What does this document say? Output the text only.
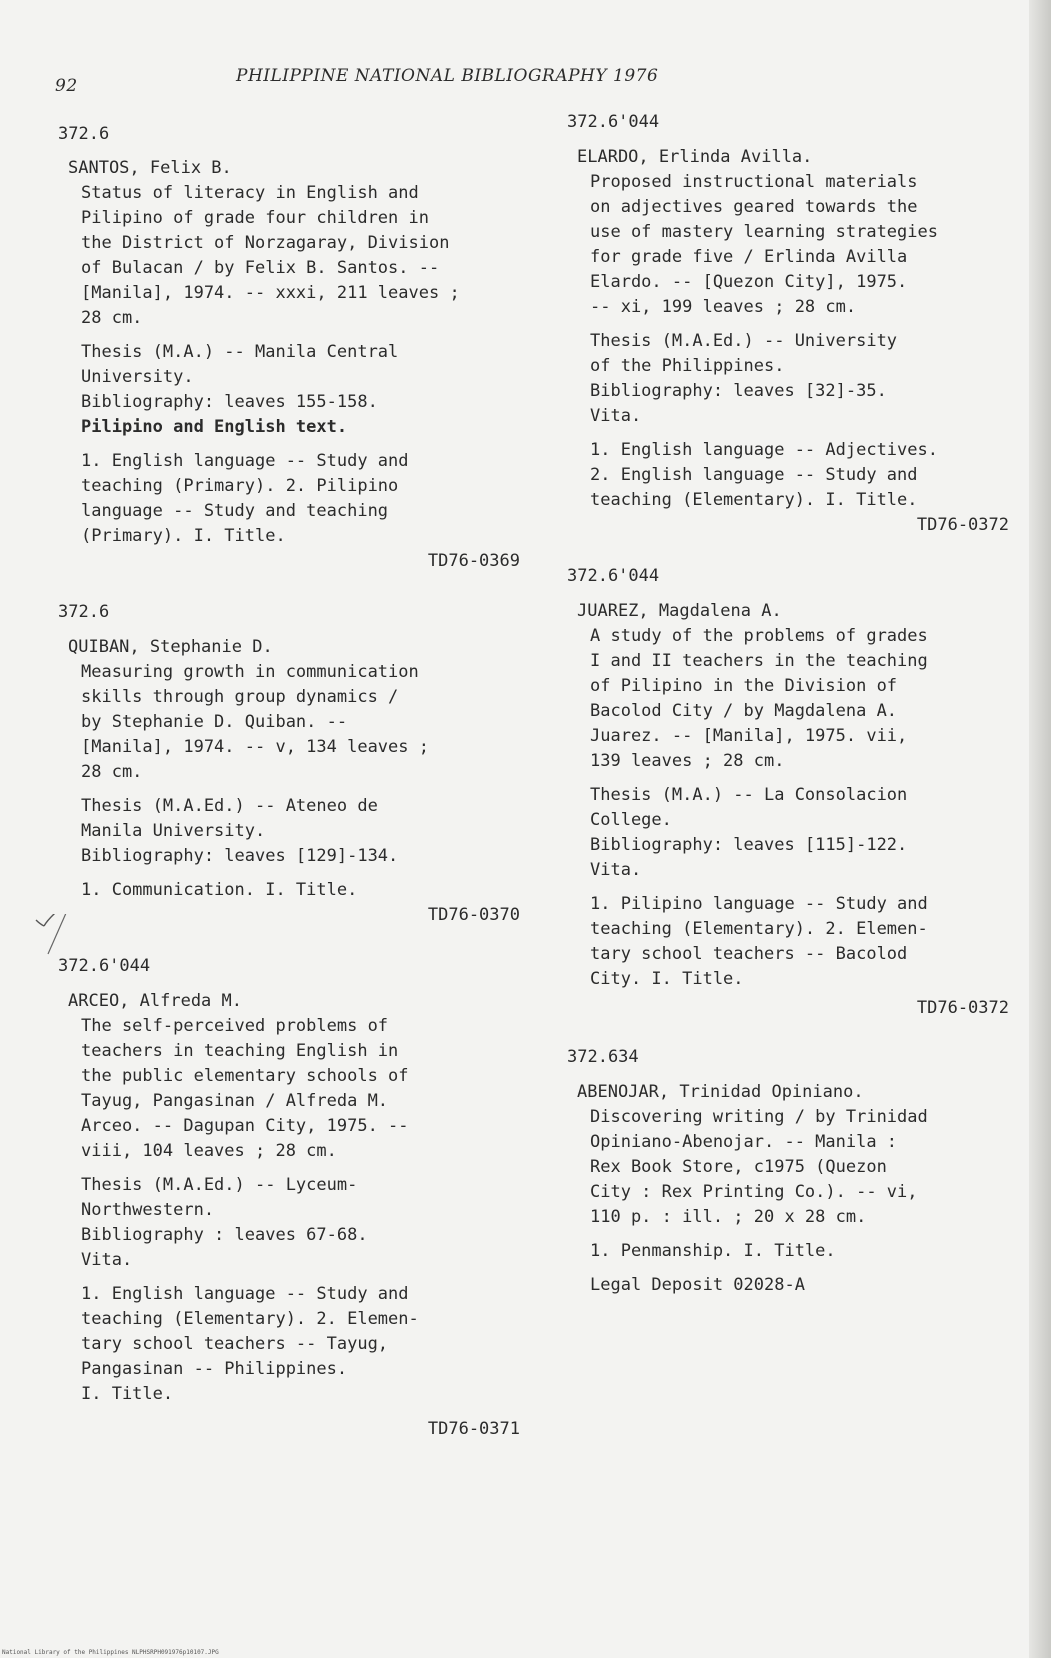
92	PHILIPPINE NATIONAL BIBLIOGRAPHY 1976
372.6
SANTOS, Felix B.
Status of literacy in English and
Pilipino of grade four children in
the District of Norzagaray, Division
of Bulacan / by Felix B. Santos. --
[Manila], 1974. -- xxxi, 211 leaves ;
28 cm.
Thesis (M.A.) -- Manila Central
University.
Bibliography: leaves 155-158.
Pilipino and English text.
1. English language -- Study and
teaching (Primary). 2. Pilipino
language -- Study and teaching
(Primary). I. Title.
TD76-0369
372.6
QUIBAN, Stephanie D.
Measuring growth in communication
skills through group dynamics /
by Stephanie D. Quiban. --
[Manila], 1974. -- v, 134 leaves ;
28 cm.
Thesis (M.A.Ed.) -- Ateneo de
Manila University.
Bibliography: leaves [129]-134.
1. Communication. I. Title.
TD76-0370
372.6'044
ARCEO, Alfreda M.
The self-perceived problems of
teachers in teaching English in
the public elementary schools of
Tayug, Pangasinan / Alfreda M.
Arceo. -- Dagupan City, 1975. --
viii, 104 leaves ; 28 cm.
Thesis (M.A.Ed.) -- Lyceum-
Northwestern.
Bibliography : leaves 67-68.
Vita.
1. English language -- Study and
teaching (Elementary). 2. Elemen-
tary school teachers -- Tayug,
Pangasinan -- Philippines.
I. Title.
TD76-0371
372.6'044
ELARDO, Erlinda Avilla.
Proposed instructional materials
on adjectives geared towards the
use of mastery learning strategies
for grade five / Erlinda Avilla
Elardo. -- [Quezon City], 1975.
-- xi, 199 leaves ; 28 cm.
Thesis (M.A.Ed.) -- University
of the Philippines.
Bibliography: leaves [32]-35.
Vita.
1. English language -- Adjectives.
2. English language -- Study and
teaching (Elementary). I. Title.
TD76-0372
372.6'044
JUAREZ, Magdalena A.
A study of the problems of grades
I and II teachers in the teaching
of Pilipino in the Division of
Bacolod City / by Magdalena A.
Juarez. -- [Manila], 1975. vii,
139 leaves ; 28 cm.
Thesis (M.A.) -- La Consolacion
College.
Bibliography: leaves [115]-122.
Vita.
1. Pilipino language -- Study and
teaching (Elementary). 2. Elemen-
tary school teachers -- Bacolod
City. I. Title.
TD76-0372
372.634
ABENOJAR, Trinidad Opiniano.
Discovering writing / by Trinidad
Opiniano-Abenojar. -- Manila :
Rex Book Store, c1975 (Quezon
City : Rex Printing Co.). -- vi,
110 p. : ill. ; 20 x 28 cm.
1. Penmanship. I. Title.
Legal Deposit 02028-A
National Library of the Philippines NLPHSRPH091976p10107.JPG
